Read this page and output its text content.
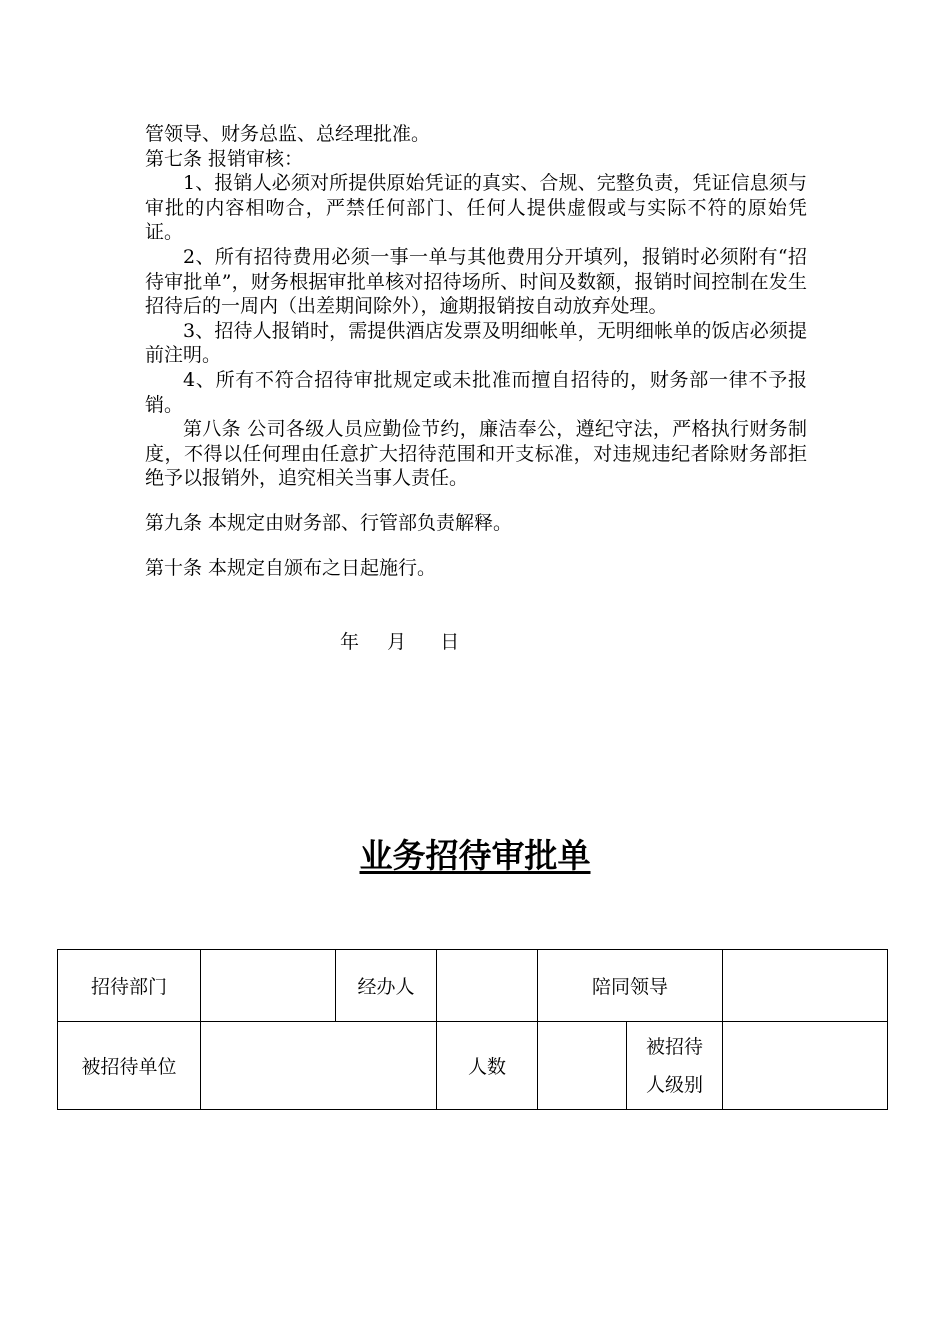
管领导、财务总监、总经理批准。

第七条 报销审核：

1、报销人必须对所提供原始凭证的真实、合规、完整负责，凭证信息须与审批的内容相吻合，严禁任何部门、任何人提供虚假或与实际不符的原始凭证。

2、所有招待费用必须一事一单与其他费用分开填列，报销时必须附有“招待审批单”，财务根据审批单核对招待场所、时间及数额，报销时间控制在发生招待后的一周内（出差期间除外），逾期报销按自动放弃处理。

3、招待人报销时，需提供酒店发票及明细帐单，无明细帐单的饭店必须提前注明。

4、所有不符合招待审批规定或未批准而擅自招待的，财务部一律不予报销。

第八条 公司各级人员应勤俭节约，廉洁奉公，遵纪守法，严格执行财务制度，不得以任何理由任意扩大招待范围和开支标准，对违规违纪者除财务部拒绝予以报销外，追究相关当事人责任。

第九条 本规定由财务部、行管部负责解释。

第十条 本规定自颁布之日起施行。

年 月 日
业务招待审批单
招待部门		经办人		陪同领导		
被招待单位			人数		被招待
人级别	
